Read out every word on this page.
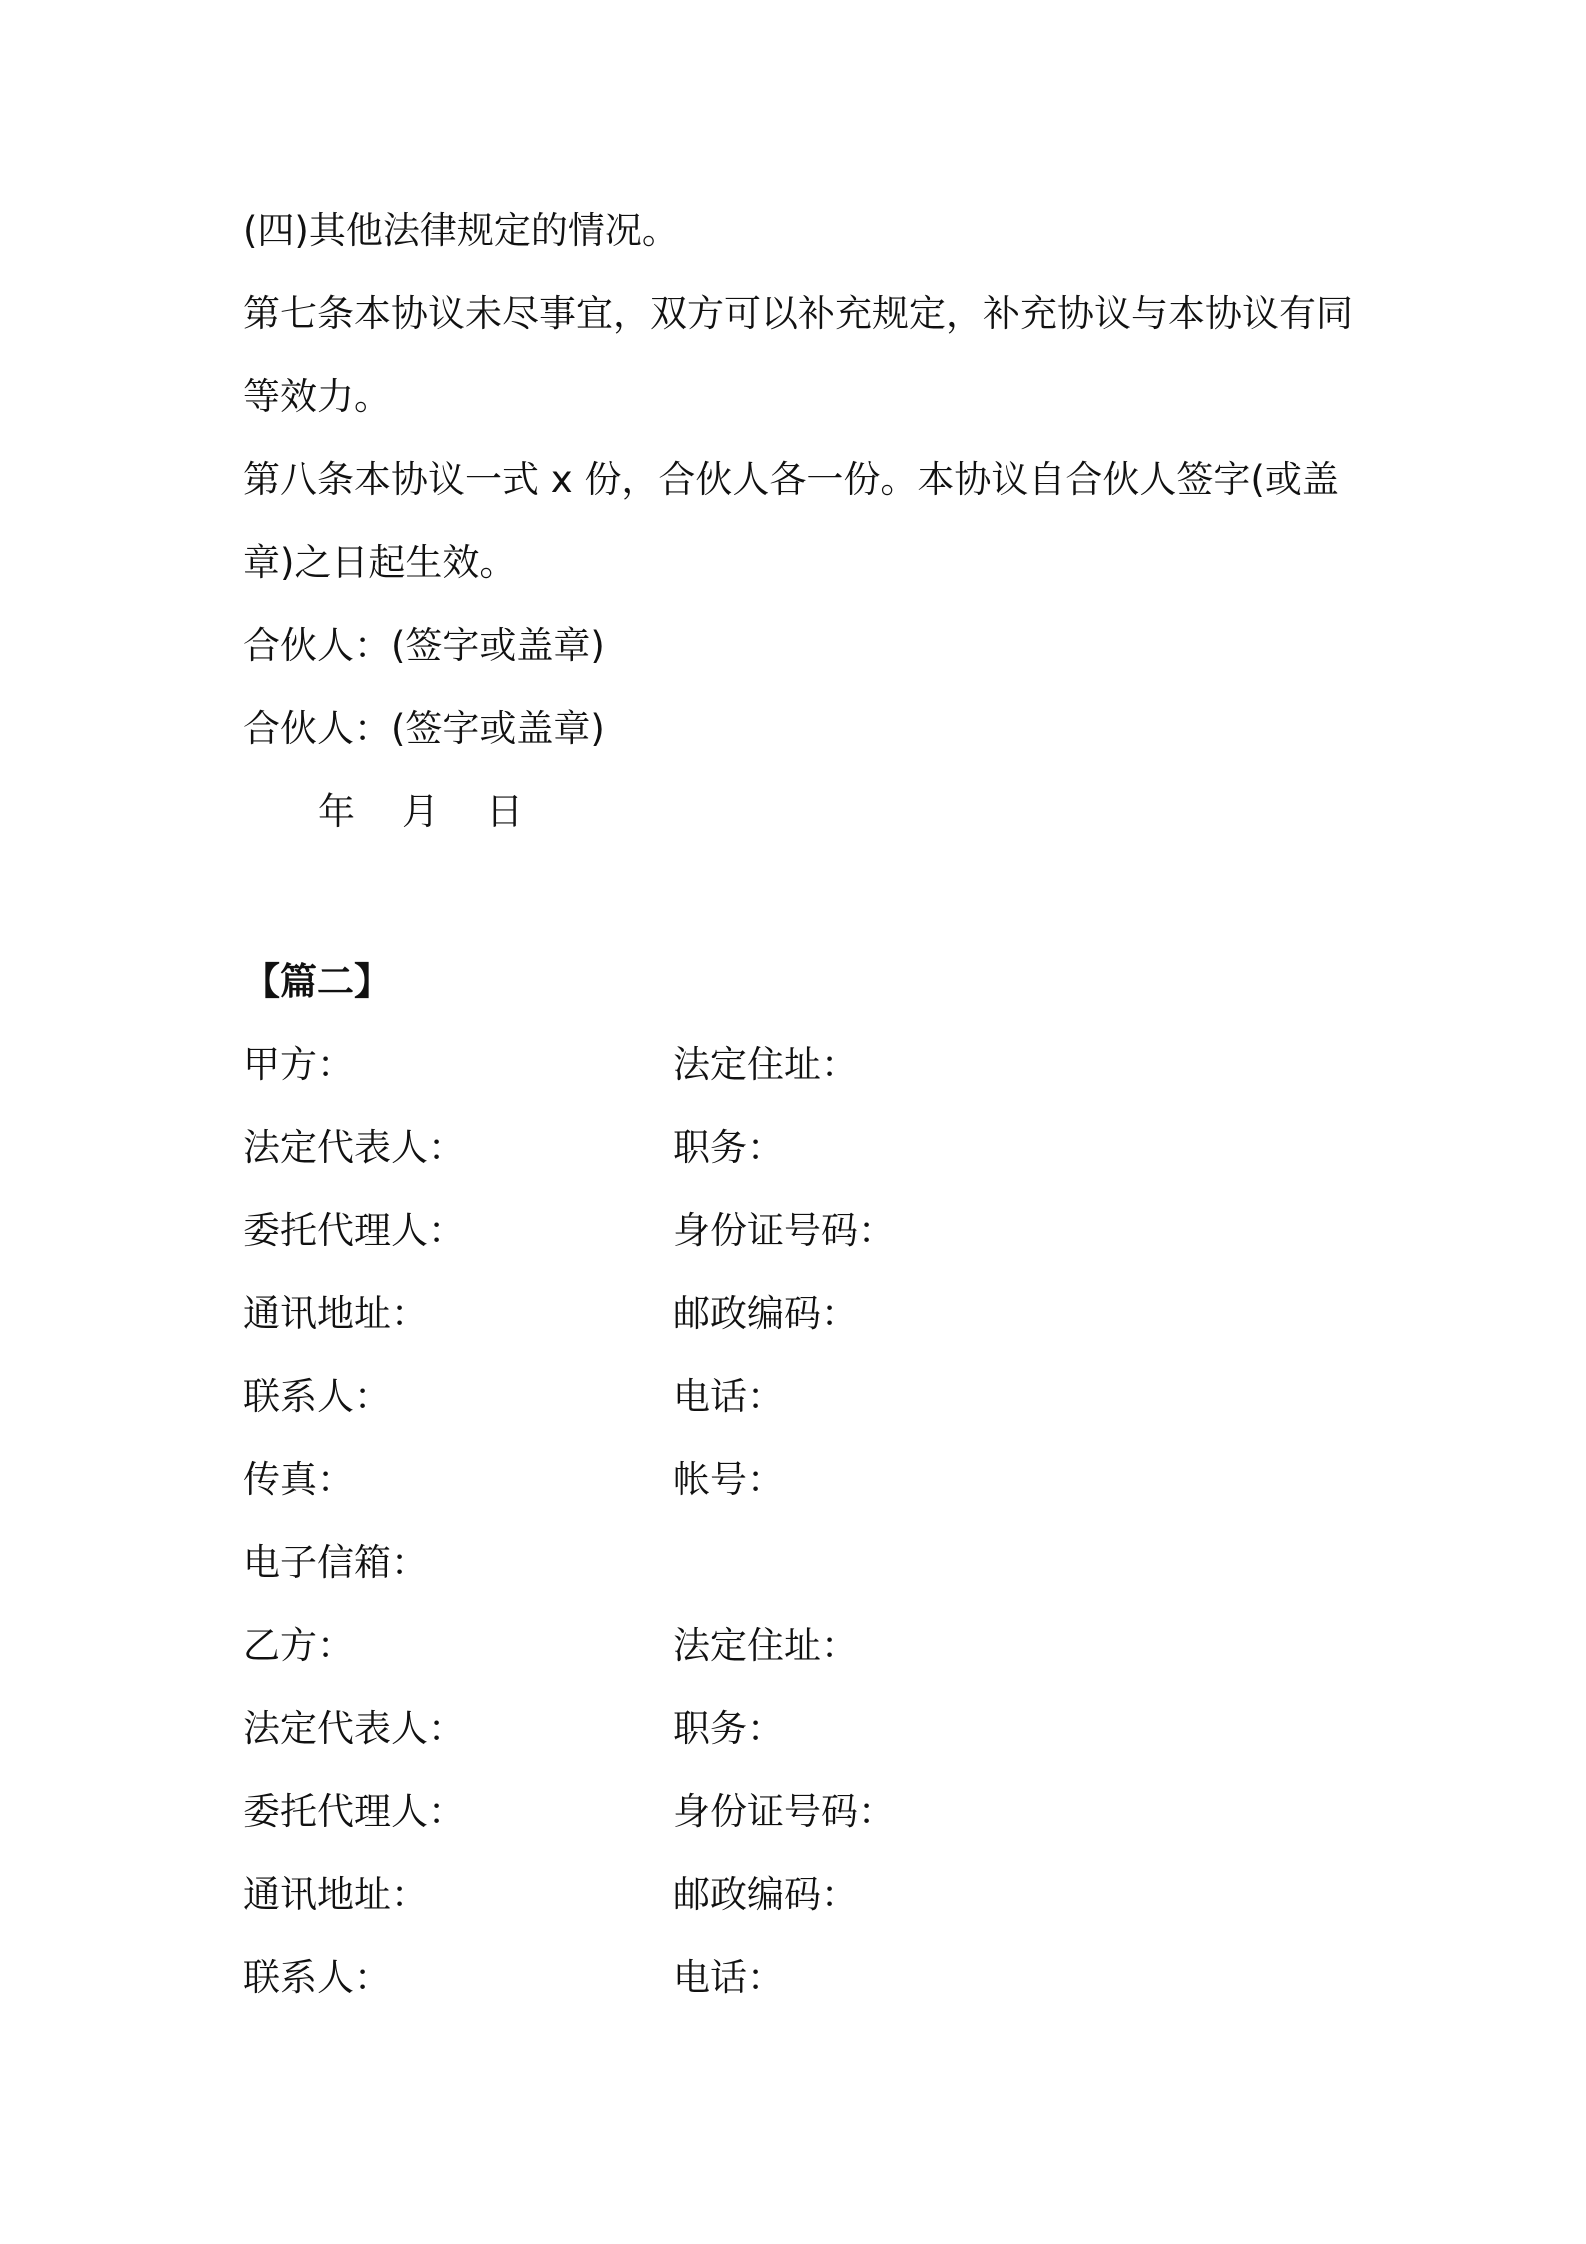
(四)其他法律规定的情况。
第七条本协议未尽事宜，双方可以补充规定，补充协议与本协议有同
等效力。
第八条本协议一式 x 份，合伙人各一份。本协议自合伙人签字(或盖
章)之日起生效。
合伙人：(签字或盖章)
合伙人：(签字或盖章)
年    月    日
【篇二】
甲方：	法定住址：
法定代表人：	职务：
委托代理人：	身份证号码：
通讯地址：	邮政编码：
联系人：	电话：
传真：	帐号：
电子信箱：
乙方：	法定住址：
法定代表人：	职务：
委托代理人：	身份证号码：
通讯地址：	邮政编码：
联系人：	电话：
